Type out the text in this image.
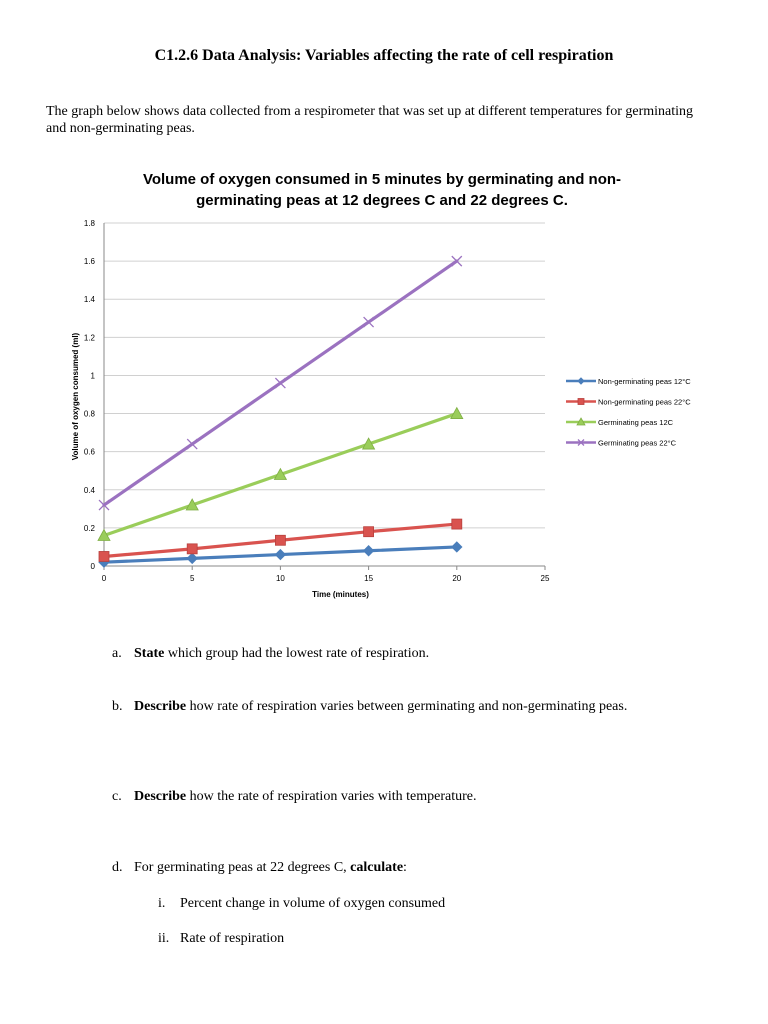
C1.2.6 Data Analysis: Variables affecting the rate of cell respiration
The graph below shows data collected from a respirometer that was set up at different temperatures for germinating and non-germinating peas.
Volume of oxygen consumed in 5 minutes by germinating and non-
germinating peas at 12 degrees C and 22 degrees C.
0
0.2
0.4
0.6
0.8
1
1.2
1.4
1.6
1.8
0	5	10	15	20	25
Time (minutes)
Volume of oxygen consumed (ml)	Non-germinating peas 12°C
Non-germinating peas 22°C
Germinating peas 12C
Germinating peas 22°C
a. State which group had the lowest rate of respiration.
b. Describe how rate of respiration varies between germinating and non-germinating peas.
c. Describe how the rate of respiration varies with temperature.
d. For germinating peas at 22 degrees C, calculate:
i. Percent change in volume of oxygen consumed
ii. Rate of respiration
